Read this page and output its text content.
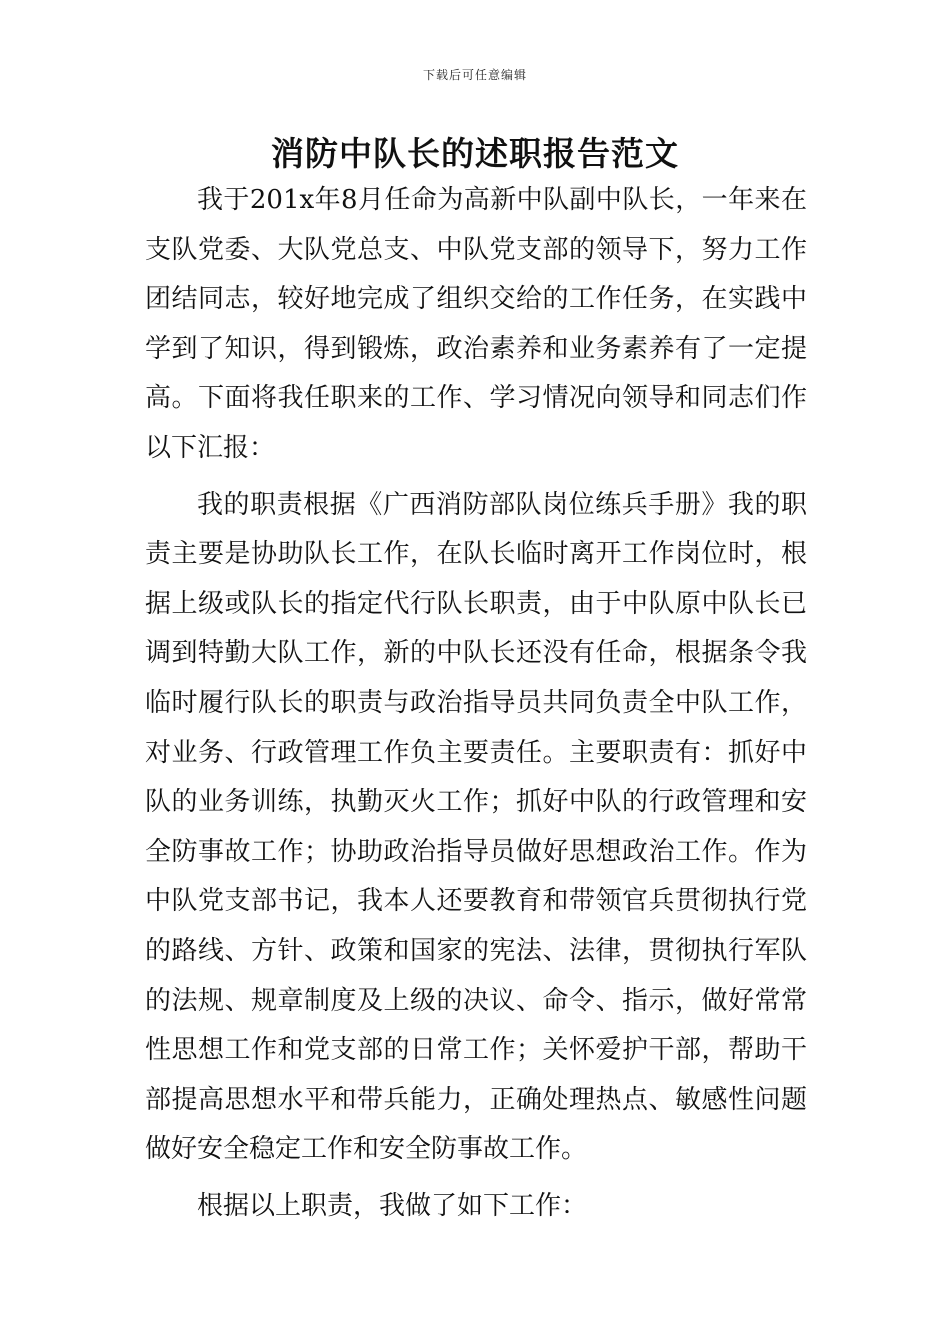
下载后可任意编辑
消防中队长的述职报告范文

我于201x年8月任命为高新中队副中队长，一年来在支队党委、大队党总支、中队党支部的领导下，努力工作团结同志，较好地完成了组织交给的工作任务，在实践中学到了知识，得到锻炼，政治素养和业务素养有了一定提高。下面将我任职来的工作、学习情况向领导和同志们作以下汇报：

我的职责根据《广西消防部队岗位练兵手册》我的职责主要是协助队长工作，在队长临时离开工作岗位时，根据上级或队长的指定代行队长职责，由于中队原中队长已调到特勤大队工作，新的中队长还没有任命，根据条令我临时履行队长的职责与政治指导员共同负责全中队工作，对业务、行政管理工作负主要责任。主要职责有：抓好中队的业务训练，执勤灭火工作；抓好中队的行政管理和安全防事故工作；协助政治指导员做好思想政治工作。作为中队党支部书记，我本人还要教育和带领官兵贯彻执行党的路线、方针、政策和国家的宪法、法律，贯彻执行军队的法规、规章制度及上级的决议、命令、指示，做好常常性思想工作和党支部的日常工作；关怀爱护干部，帮助干部提高思想水平和带兵能力，正确处理热点、敏感性问题做好安全稳定工作和安全防事故工作。

根据以上职责，我做了如下工作：
